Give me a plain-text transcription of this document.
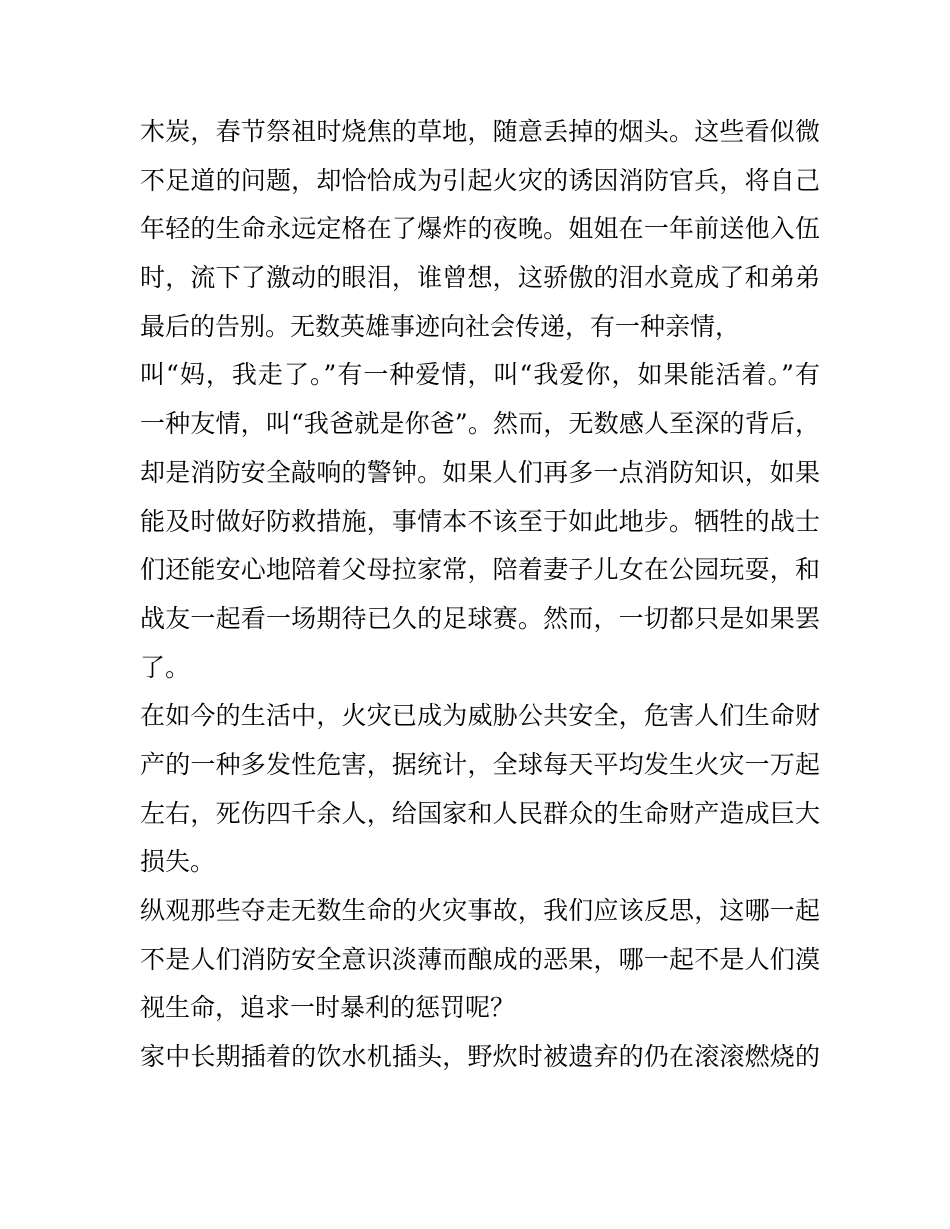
木炭，春节祭祖时烧焦的草地，随意丢掉的烟头。这些看似微
不足道的问题，却恰恰成为引起火灾的诱因消防官兵，将自己
年轻的生命永远定格在了爆炸的夜晚。姐姐在一年前送他入伍
时，流下了激动的眼泪，谁曾想，这骄傲的泪水竟成了和弟弟
最后的告别。无数英雄事迹向社会传递，有一种亲情，
叫“妈，我走了。”有一种爱情，叫“我爱你，如果能活着。”有
一种友情，叫“我爸就是你爸”。然而，无数感人至深的背后，
却是消防安全敲响的警钟。如果人们再多一点消防知识，如果
能及时做好防救措施，事情本不该至于如此地步。牺牲的战士
们还能安心地陪着父母拉家常，陪着妻子儿女在公园玩耍，和
战友一起看一场期待已久的足球赛。然而，一切都只是如果罢
了。
在如今的生活中，火灾已成为威胁公共安全，危害人们生命财
产的一种多发性危害，据统计，全球每天平均发生火灾一万起
左右，死伤四千余人，给国家和人民群众的生命财产造成巨大
损失。
纵观那些夺走无数生命的火灾事故，我们应该反思，这哪一起
不是人们消防安全意识淡薄而酿成的恶果，哪一起不是人们漠
视生命，追求一时暴利的惩罚呢？
家中长期插着的饮水机插头，野炊时被遗弃的仍在滚滚燃烧的
